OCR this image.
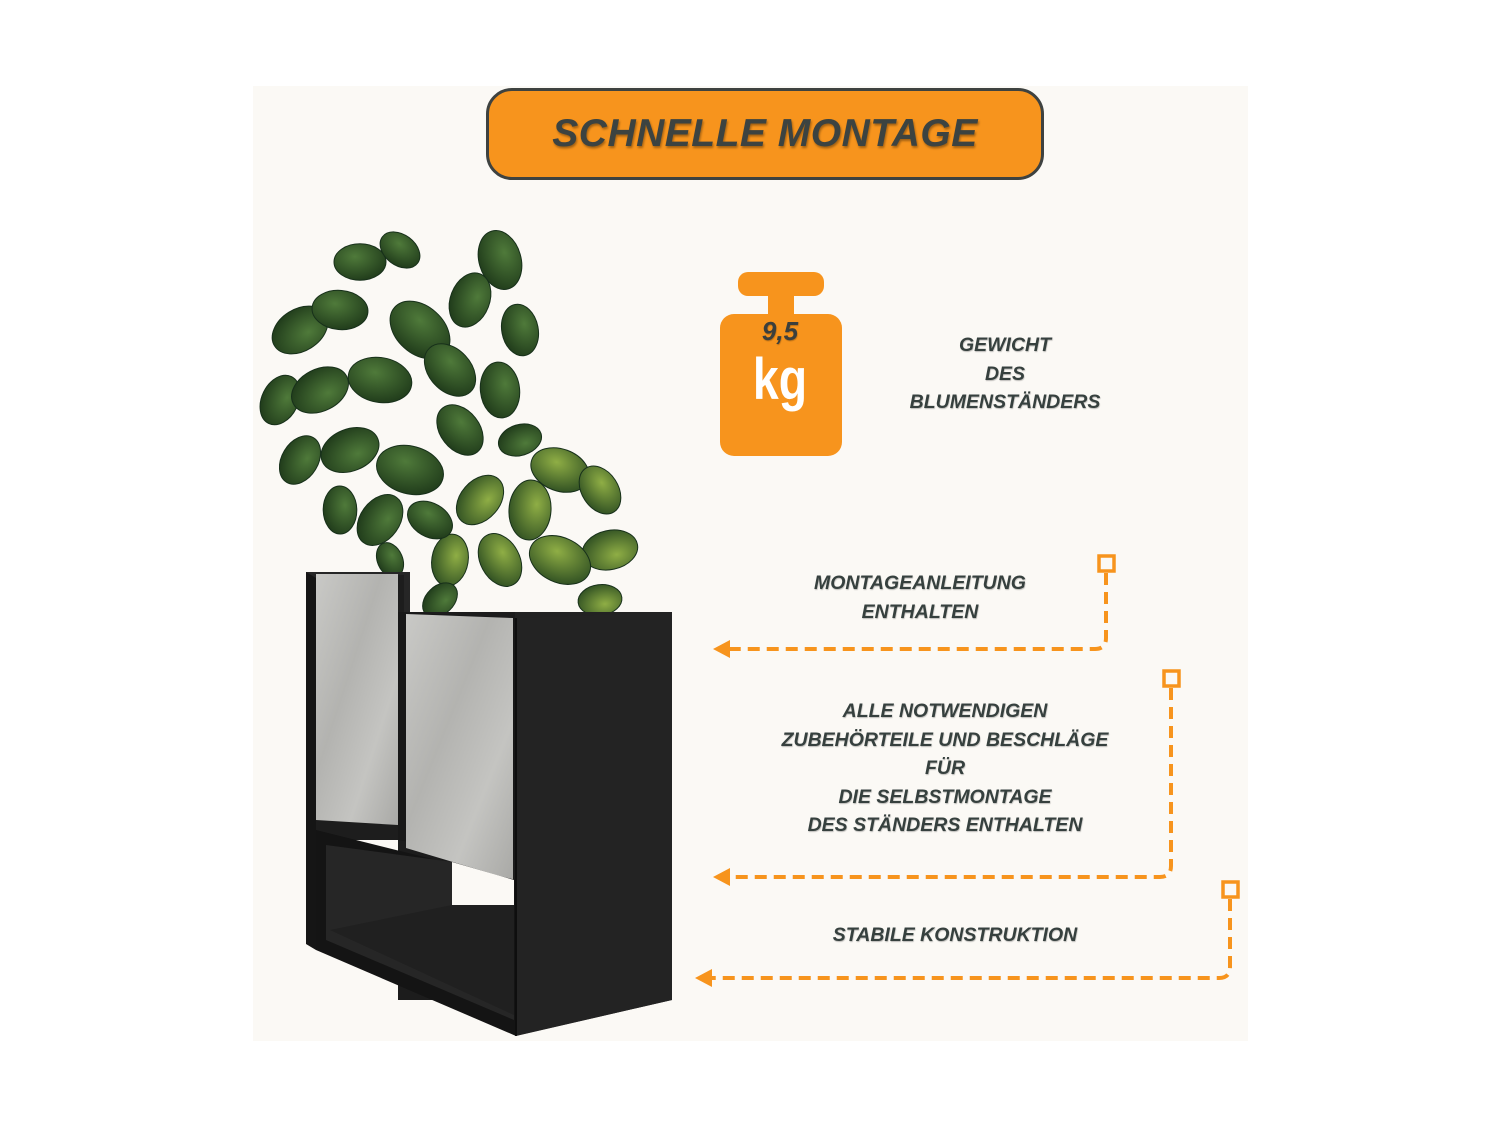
SCHNELLE MONTAGE
9,5
kg
GEWICHT
DES
BLUMENSTÄNDERS
MONTAGEANLEITUNG
ENTHALTEN
ALLE NOTWENDIGEN
ZUBEHÖRTEILE UND BESCHLÄGE
FÜR
DIE SELBSTMONTAGE
DES STÄNDERS ENTHALTEN
STABILE KONSTRUKTION
